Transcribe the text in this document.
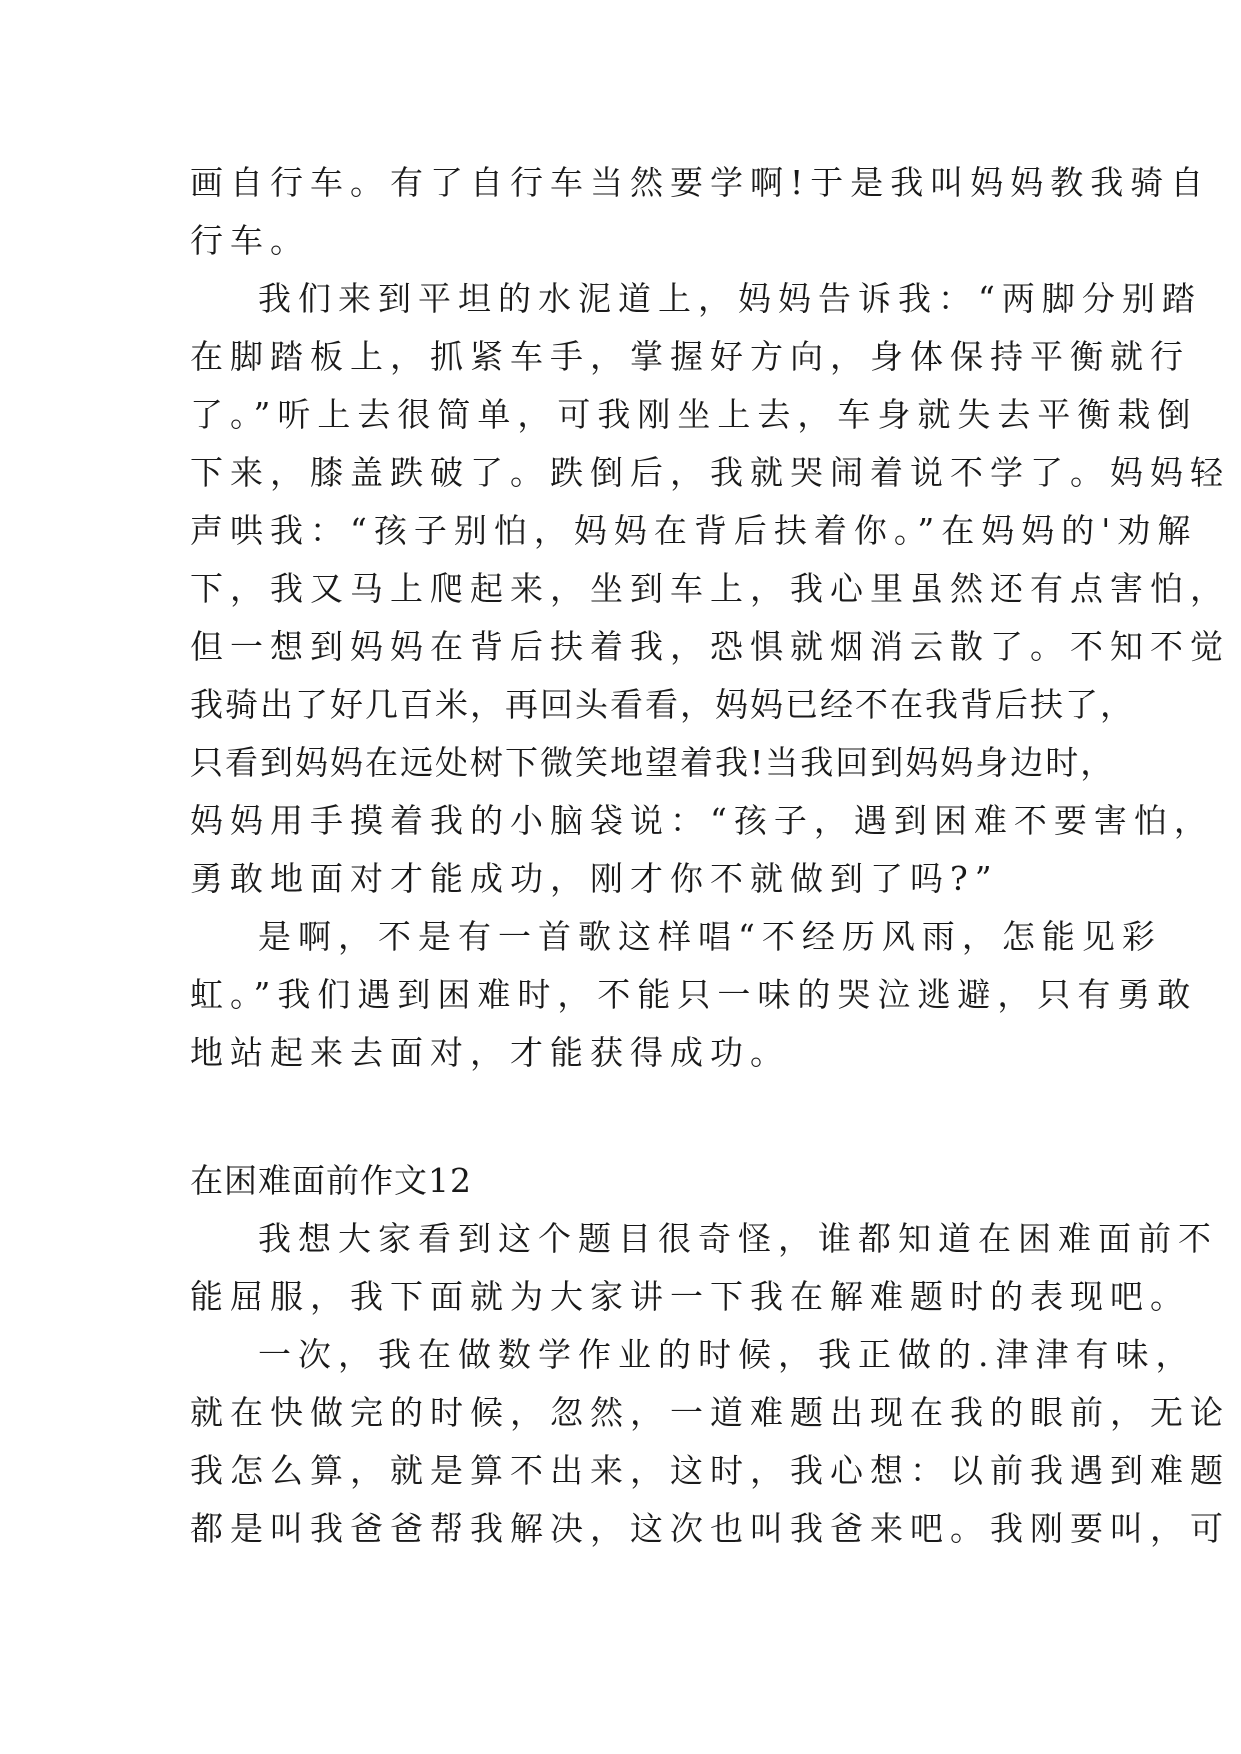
画自行车。有了自行车当然要学啊!于是我叫妈妈教我骑自
行车。
我们来到平坦的水泥道上，妈妈告诉我：“两脚分别踏
在脚踏板上，抓紧车手，掌握好方向，身体保持平衡就行
了。”听上去很简单，可我刚坐上去，车身就失去平衡栽倒
下来，膝盖跌破了。跌倒后，我就哭闹着说不学了。妈妈轻
声哄我：“孩子别怕，妈妈在背后扶着你。”在妈妈的'劝解
下，我又马上爬起来，坐到车上，我心里虽然还有点害怕，
但一想到妈妈在背后扶着我，恐惧就烟消云散了。不知不觉
我骑出了好几百米，再回头看看，妈妈已经不在我背后扶了，
只看到妈妈在远处树下微笑地望着我!当我回到妈妈身边时，
妈妈用手摸着我的小脑袋说：“孩子，遇到困难不要害怕，
勇敢地面对才能成功，刚才你不就做到了吗?”
是啊，不是有一首歌这样唱“不经历风雨，怎能见彩
虹。”我们遇到困难时，不能只一味的哭泣逃避，只有勇敢
地站起来去面对，才能获得成功。
在困难面前作文12
我想大家看到这个题目很奇怪，谁都知道在困难面前不
能屈服，我下面就为大家讲一下我在解难题时的表现吧。
一次，我在做数学作业的时候，我正做的.津津有味，
就在快做完的时候，忽然，一道难题出现在我的眼前，无论
我怎么算，就是算不出来，这时，我心想：以前我遇到难题
都是叫我爸爸帮我解决，这次也叫我爸来吧。我刚要叫，可
